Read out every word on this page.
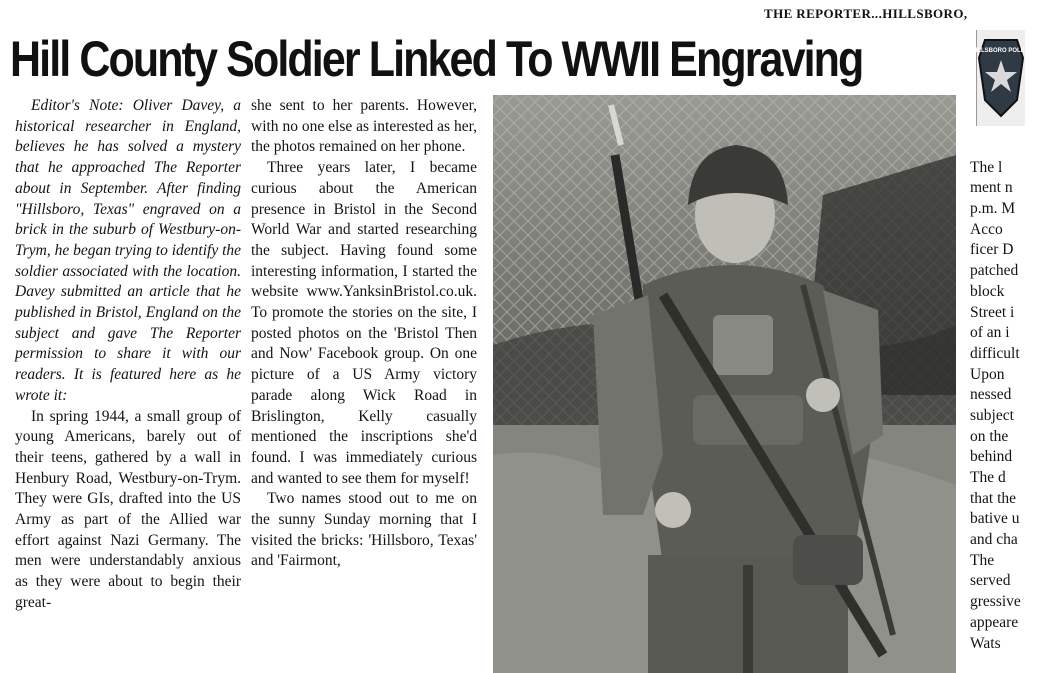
THE REPORTER...HILLSBORO,
Hill County Soldier Linked To WWII Engraving

Editor's Note: Oliver Davey, a historical researcher in England, believes he has solved a mystery that he approached The Reporter about in September. After finding "Hillsboro, Texas" engraved on a brick in the suburb of Westbury-on-Trym, he began trying to identify the soldier associated with the location. Davey submitted an article that he published in Bristol, England on the subject and gave The Reporter permission to share it with our readers. It is featured here as he wrote it:

In spring 1944, a small group of young Americans, barely out of their teens, gathered by a wall in Henbury Road, Westbury-on-Trym. They were GIs, drafted into the US Army as part of the Allied war effort against Nazi Germany. The men were understandably anxious as they were about to begin their great-

she sent to her parents. However, with no one else as interested as her, the photos remained on her phone.

Three years later, I became curious about the American presence in Bristol in the Second World War and started researching the subject. Having found some interesting information, I started the website www.YanksinBristol.co.uk. To promote the stories on the site, I posted photos on the 'Bristol Then and Now' Facebook group. On one picture of a US Army victory parade along Wick Road in Brislington, Kelly casually mentioned the inscriptions she'd found. I was immediately curious and wanted to see them for myself!

Two names stood out to me on the sunny Sunday morning that I visited the bricks: 'Hillsboro, Texas' and 'Fairmont,

HILLSBORO POLICE
The l
ment n
p.m. M
Acco
ficer D
patched
block
Street i
of an i
difficult
Upon
nessed
subject
on the
behind
The d
that the
bative u
and cha
The
served
gressive
appeare
Wats
